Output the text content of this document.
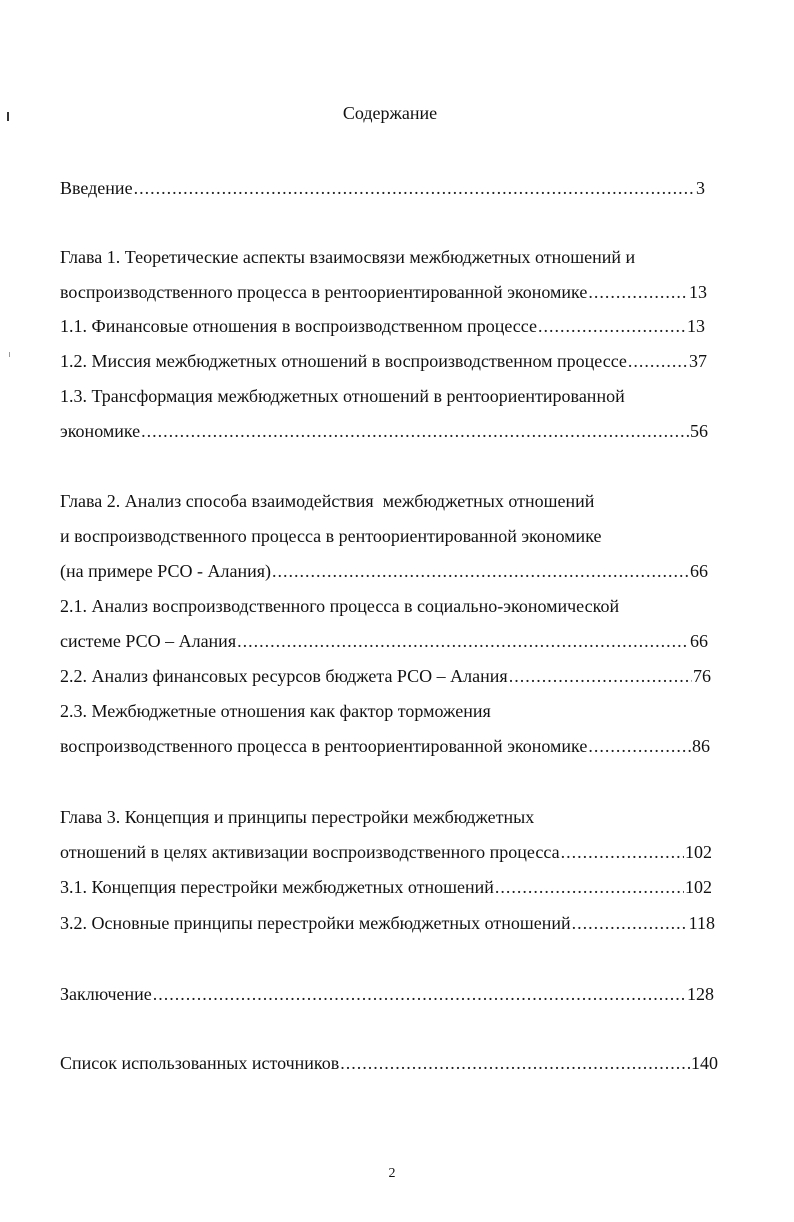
Содержание
Введение .....	3
Глава 1. Теоретические аспекты взаимосвязи межбюджетных отношений и
воспроизводственного процесса в рентоориентированной экономике .....	13
1.1. Финансовые отношения в воспроизводственном процессе .....	13
1.2. Миссия межбюджетных отношений в воспроизводственном процессе .....	37
1.3. Трансформация межбюджетных отношений в рентоориентированной
экономике .....	56
Глава 2. Анализ способа взаимодействия  межбюджетных отношений
и воспроизводственного процесса в рентоориентированной экономике
(на примере РСО - Алания) .....	66
2.1. Анализ воспроизводственного процесса в социально-экономической
системе РСО – Алания .....	66
2.2. Анализ финансовых ресурсов бюджета РСО – Алания .....	76
2.3. Межбюджетные отношения как фактор торможения
воспроизводственного процесса в рентоориентированной экономике .....	86
Глава 3. Концепция и принципы перестройки межбюджетных
отношений в целях активизации воспроизводственного процесса .....	102
3.1. Концепция перестройки межбюджетных отношений .....	102
3.2. Основные принципы перестройки межбюджетных отношений .....	118
Заключение .....	128
Список использованных источников .....	140
2
